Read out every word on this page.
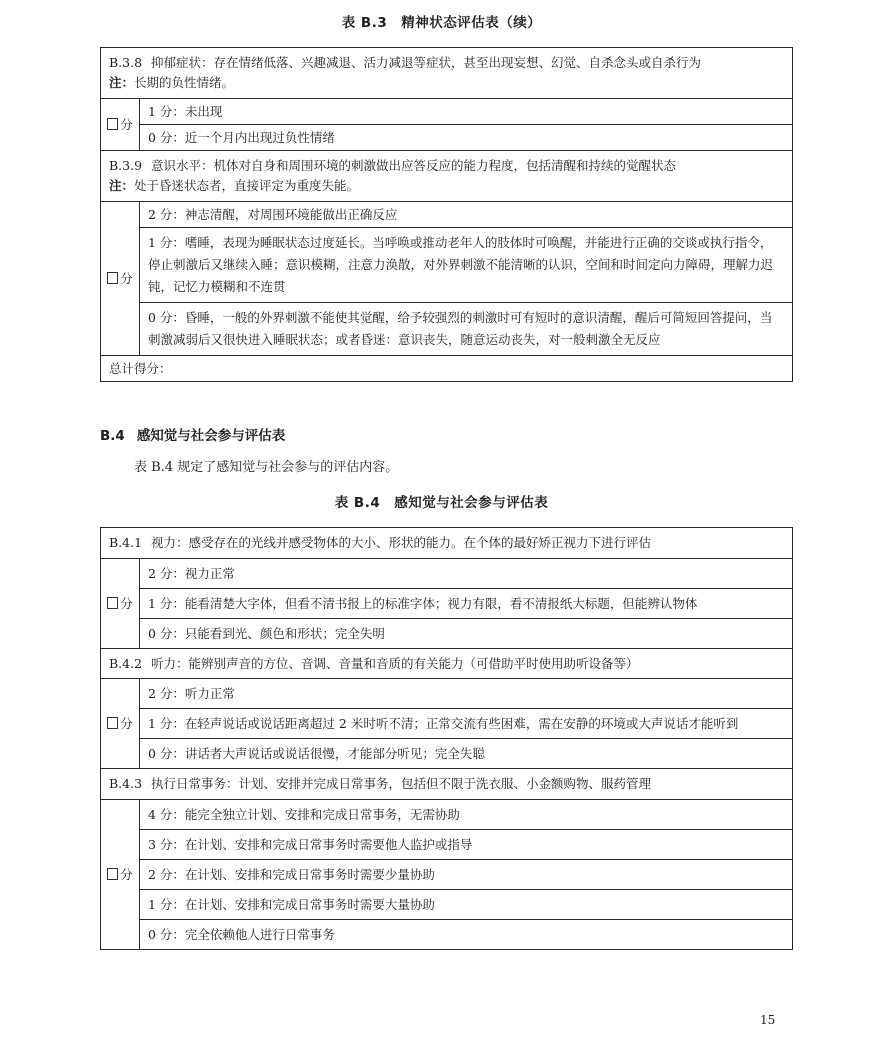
表 B.3 精神状态评估表（续）
B.3.8 抑郁症状：存在情绪低落、兴趣减退、活力减退等症状，甚至出现妄想、幻觉、自杀念头或自杀行为
注：长期的负性情绪。	

分	1 分：未出现
	0 分：近一个月内出现过负性情绪

B.3.9 意识水平：机体对自身和周围环境的刺激做出应答反应的能力程度，包括清醒和持续的觉醒状态
注：处于昏迷状态者，直接评定为重度失能。	

分	2 分：神志清醒，对周围环境能做出正确反应
	1 分：嗜睡，表现为睡眠状态过度延长。当呼唤或推动老年人的肢体时可唤醒，并能进行正确的交谈或执行指令，停止刺激后又继续入睡；意识模糊，注意力涣散，对外界刺激不能清晰的认识，空间和时间定向力障碍，理解力迟钝，记忆力模糊和不连贯
	0 分：昏睡，一般的外界刺激不能使其觉醒，给予较强烈的刺激时可有短时的意识清醒，醒后可简短回答提问，当刺激减弱后又很快进入睡眠状态；或者昏迷：意识丧失，随意运动丧失，对一般刺激全无反应
总计得分：	
B.4 感知觉与社会参与评估表
表 B.4 规定了感知觉与社会参与的评估内容。
表 B.4 感知觉与社会参与评估表
B.4.1 视力：感受存在的光线并感受物体的大小、形状的能力。在个体的最好矫正视力下进行评估	
分	2 分：视力正常
	1 分：能看清楚大字体，但看不清书报上的标准字体；视力有限，看不清报纸大标题，但能辨认物体
	0 分：只能看到光、颜色和形状；完全失明
B.4.2 听力：能辨别声音的方位、音调、音量和音质的有关能力（可借助平时使用助听设备等）	
分	2 分：听力正常
	1 分：在轻声说话或说话距离超过 2 米时听不清；正常交流有些困难，需在安静的环境或大声说话才能听到
	0 分：讲话者大声说话或说话很慢，才能部分听见；完全失聪
B.4.3 执行日常事务：计划、安排并完成日常事务，包括但不限于洗衣服、小金额购物、服药管理	
分	4 分：能完全独立计划、安排和完成日常事务，无需协助
	3 分：在计划、安排和完成日常事务时需要他人监护或指导
	2 分：在计划、安排和完成日常事务时需要少量协助
	1 分：在计划、安排和完成日常事务时需要大量协助
	0 分：完全依赖他人进行日常事务
15
